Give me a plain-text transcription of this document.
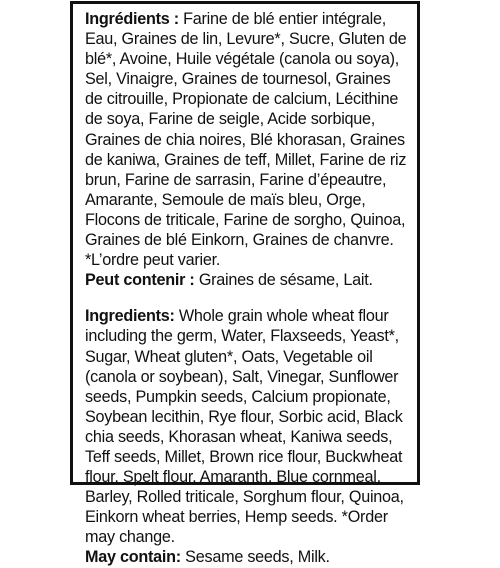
Ingrédients : Farine de blé entier intégrale, Eau, Graines de lin, Levure*, Sucre, Gluten de blé*, Avoine, Huile végétale (canola ou soya), Sel, Vinaigre, Graines de tournesol, Graines de citrouille, Propionate de calcium, Lécithine de soya, Farine de seigle, Acide sorbique, Graines de chia noires, Blé khorasan, Graines de kaniwa, Graines de teff, Millet, Farine de riz brun, Farine de sarrasin, Farine d’épeautre, Amarante, Semoule de maïs bleu, Orge, Flocons de triticale, Farine de sorgho, Quinoa, Graines de blé Einkorn, Graines de chanvre. *L’ordre peut varier.

Peut contenir : Graines de sésame, Lait.

Ingredients: Whole grain whole wheat flour including the germ, Water, Flaxseeds, Yeast*, Sugar, Wheat gluten*, Oats, Vegetable oil (canola or soybean), Salt, Vinegar, Sunflower seeds, Pumpkin seeds, Calcium propionate, Soybean lecithin, Rye flour, Sorbic acid, Black chia seeds, Khorasan wheat, Kaniwa seeds, Teff seeds, Millet, Brown rice flour, Buckwheat flour, Spelt flour, Amaranth, Blue cornmeal, Barley, Rolled triticale, Sorghum flour, Quinoa, Einkorn wheat berries, Hemp seeds. *Order may change.

May contain: Sesame seeds, Milk.
